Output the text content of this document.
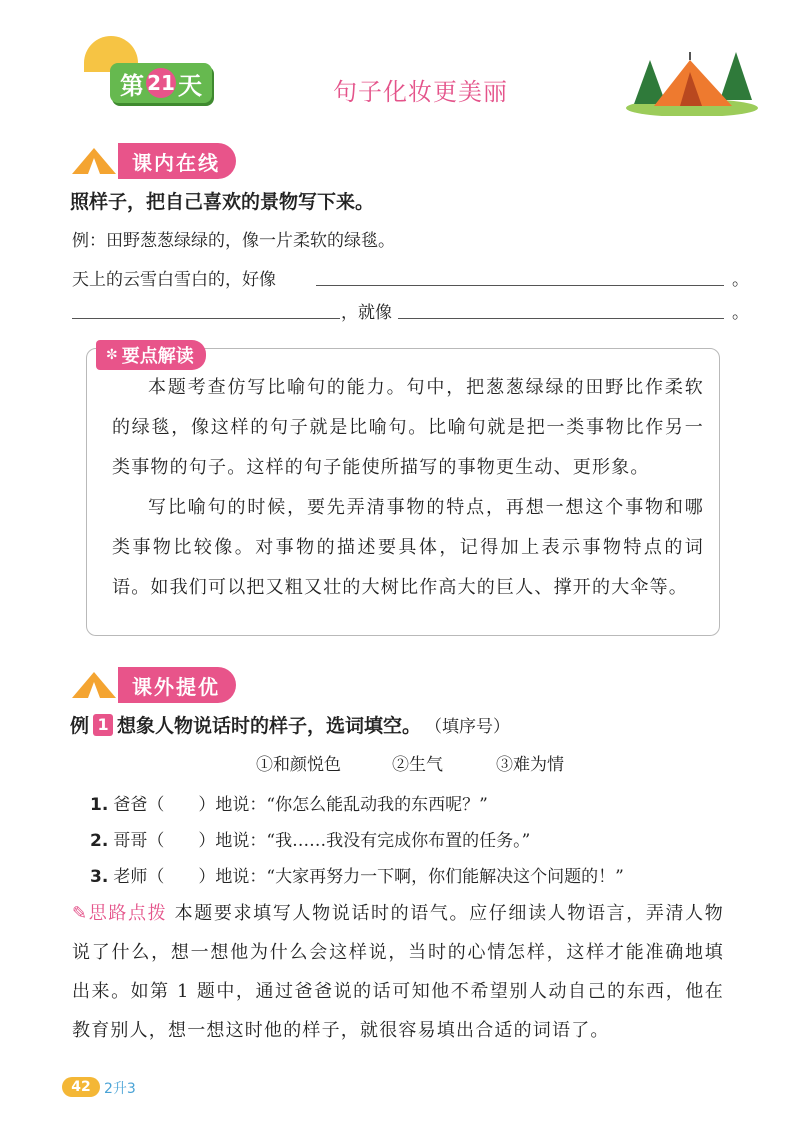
第 21 天	句子化妆更美丽
课内在线
照样子，把自己喜欢的景物写下来。
例：田野葱葱绿绿的，像一片柔软的绿毯。
天上的云雪白雪白的，好像	。
，就像	。
✼ 要点解读
本题考查仿写比喻句的能力。句中，把葱葱绿绿的田野比作柔软的绿毯，像这样的句子就是比喻句。比喻句就是把一类事物比作另一类事物的句子。这样的句子能使所描写的事物更生动、更形象。
写比喻句的时候，要先弄清事物的特点，再想一想这个事物和哪类事物比较像。对事物的描述要具体，记得加上表示事物特点的词语。如我们可以把又粗又壮的大树比作高大的巨人、撑开的大伞等。
课外提优
例 1 想象人物说话时的样子，选词填空。 （填序号）
①和颜悦色	②生气	③难为情
1. 爸爸（　　）地说：“你怎么能乱动我的东西呢？”
2. 哥哥（　　）地说：“我……我没有完成你布置的任务。”
3. 老师（　　）地说：“大家再努力一下啊，你们能解决这个问题的！”
✎思路点拨 本题要求填写人物说话时的语气。应仔细读人物语言，弄清人物说了什么，想一想他为什么会这样说，当时的心情怎样，这样才能准确地填出来。如第 1 题中，通过爸爸说的话可知他不希望别人动自己的东西，他在教育别人，想一想这时他的样子，就很容易填出合适的词语了。
42 2升3
